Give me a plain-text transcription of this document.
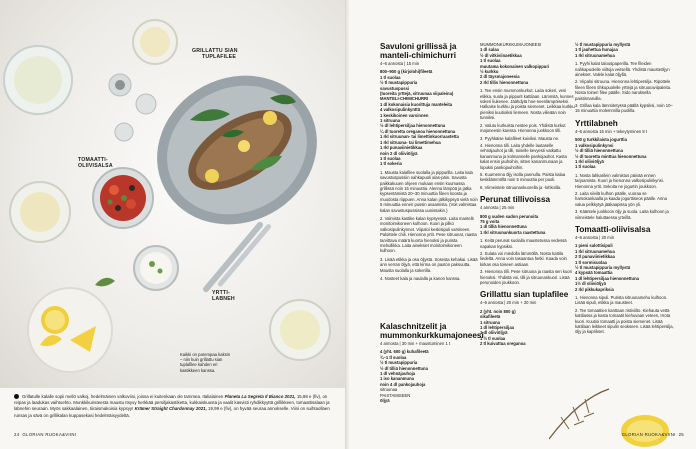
GRILLATTU SIAN
TUPLAFILEE
TOMAATTI-
OLIIVISALSA
YRTTI-
LABNEH
Kaikki on parempaa kaksin
– niin kuin grillattu sian
tuplafilee kahden eri
kastikkeen kanssa.
Grillatulle kalalle sopii mellö valkoj, hedelmäinen valkoviini, joissa ei kuitenkaan ole tammea. Italialainen Planeta La Segreta Il Bianco 2021, 15,98 e (fiv), on reipas ja laadukas vaihtoehto. Munkkikuristeesta maustu Itsyvy herkkää persiljakastiketta, kukkaiskuusta ja vaalit kasvisti ryhdikkyyttä grillikkeen, tomaattisalaan ja labnehin seuraan. Myös sakkaalainen, tiiraismakoisia kypsyy! Krämer Straight Chardonnay 2021, 19,99 e (fiv), on hyvää seuraa annokselle. Viini on suihtaollaen runsas ja sävä on grillikalan kuppasekasi hedelmäisyydeltä.
24 GLORIAN RUOKA&VIINI
Savuloni grillissä ja
manteli-chimichurri
4–6 annosta | 15 min
800–900 g (kirjolohi)fileetä
1 tl suolaa
½ tl mustapippuria
savustuspussi
(tuoreita yrttejä, sitruunaa viipaleina)
MANTELI-CHIMICHURRI
1 dl kokonaisia kuorittuja manteleita
4 valkosipulinkynttä
1 keskikoinen varsinnen
1 sitruuna
½ dl lehtipersiljaa hienonnettuna
¼ dl tuoretta oreganoa hienonnettuna
1 rkl sitruunan- tai limettinkuorraastetta
1 rkl sitruuna- tai limettimehua
1 rkl punaviinietikkaa
noin 2 dl oliiviöljyä
1 tl suolaa
1 tl sokeria

1. Mausta kalafilee suolalla ja pippurilla. Laita kala savustuspussiin nahkapuoli alas-päin. Savusta paikkakuuen ohjeen mukaan ensin kuumassa grillissä noin 15 minuuttia. Alenna lämpöä ja jatka kypsentämistä 20–30 minuuttia fileen koosta ja muodosta riippuen. Anna kalan jälkikypsyä vielä noin 5 minuuttia ennen pussin avaamista. (Voit valmistaa kalan savustuspussissa uunissakin.)

2. Valmista kastike kalan kypsyessä. Laita mantelit monitoimikoneen kulhoon. Kuori ja pilko valkosipulinkynnet. Viipaloi keskisipuli varsineen. Paloittele chili. Hienonna yrtit. Pese sitruunat, raasta tarvittava määrä kuorta hienoksi ja purista mehullikka. Laita aineksiet monitoimikoneen kulhoon.

3. Lisää etikka ja osa öljystä. Sosesta kehakai. Lisää ann verran öljyä, että kirma on paxton paksuutta. Mausta suolalla ja sokerilla.

4. Nosteet kala ja naulalla ja kanon kanssa.

MUMMONKURKKUMAJONEESI
1 dl salaa
½ dl vitkiviinaetikkaa
1 tl suolaa
muutama kokonainen valkopippuri
½ kurkku
2 dl täysmajoneesia
2 rkl tillis hienonnettuna

1. Tee ensin mummonkurkut. Laita sokeri, vesi etikka, suola ja pippurit kattilaan. Lämmitä, kunnes sokeri liukenee. Jäähdytä hoe-neenlämpöiseksi. Halkaise kurkku ja poista siemenet. Leikkaa kurkku pieniksi kuutioiksi liemeen. Nosta viileään noin tunniksi.

2. Valutu kurkuista nestee pois. Yhdistä kurkut majoneesin kanssa. Hienonna juokkoon tilli.

3. Pyyhkäise kalafileet kuiviksi. Mausta ne.

4. Hienonna tilli. Laita yhdelle lautaselle vehnäjauhot ja tilli, toiselle kevyesti vatkattu kananmuna ja kolmannelle pankojauhot. Kasta kalat ensin jauhoihin, sitten kananmunaan ja lopuksi pankojauhoihin.

5. Kuumenna öljy isolla pannulla. Paista kalaa keskilämmöllä noin 5 minuuttia per puoli.

6. Viimeistele sitruunankuorella ja -lohkoilla.

Perunat tillivoissa
4 annosta | 25 min
800 g uuden sadon perunoita
75 g voita
1 dl tilliä hienonnettuna
1 rkl sitruunankuorta raastettuna

1. Keitä perunat suolalla maustetussa vedessä napakan kypsiksi.

2. Sulata voi miedolla lämmöllä. Nosta kattila liedeltä. Anna voin tasaantua hetki. Kaada voin kirkas osa toiseen astiaan.

3. Hienonna tilli. Pese sitruuna ja raasta sen kuori hienoksi. Yhdistä voi, tilli ja sitruunankuori. Lisää perunoiden joukkoon.

Grillattu sian tuplafilee
4–6 annosta | 20 min + 30 min
2 (yht. noin 800 g)
sikafileetä
1 sitruuna
1 dl lehtipersiljaa
1 dl oliiviöljyä
1 ½ tl suolaa
2 tl kuivattua oreganoa
Kalaschnitzelit ja
mummonkurkkumajoneesi
4 annosta | 30 min + maustuminen 1 t
4 (yht. 600 g) kuhafileetä
¾–1 tl suolaa
½ tl mustapippuria
½ dl tilliä hienonnettuna
1 dl vehnäjauhoja
1 iso kananmuna
noin 4 dl pankojauhoja
sitruunaa
PAISTAMISEEN
öljyä
½ tl mustapippuria myllystä
1 tl jauhettua hunajaa
1 rkl sitruunamehua

1. Pyyhi kalat talouspaperilla. Tee fileiden nahkapuolelle viiltoja veitsellä. Yhdistä mausteöljyn ainekset. Valele kalat öljyllä.

2. Viipaloi sitruuna. Hienonna lehtipersilja. Ripottele fileen fileen tihkupuolelle yrttejä ja sitruunaviipaleita. Nosta toinen filee päälle. Sido naruksella paistinnaruilla.

3. Grillaa kala lämmitetyssä päällä kypsiksi, noin 10–15 minuuttia molemmilla puolilla.

Yrttilabneh
4–6 annosta 15 min + tekeytyminen 8 t
500 g turkkilaista jogurttia
1 valkosipulinkynsi
½ dl tilliä hienonnettuna
½ dl tuoretta minttua hienonnettuna
1 rkl oliiviöljyä
1 tl suolaa

1. Nosta lahkarilein valmistus päivää ennen tarjoamista. Kuori ja hienonna valkosipulinkynsi. Hienonna yrtit. Sekoita ne jogurtin joukkoon.

2. Laita siivilä kulhon päälle, vuoraa se harsokankaalla ja kaada jogurttiseos päälle. Anna valua pelkkytyä jääkaapissa yön yli.

3. Kääntele juokkoon öljy ja suola. Laita kulhoon ja viimeistele haluttaessa yrteillä.

Tomaatti-oliivisalsa
4–6 annosta | 20 min
1 pieni salottisipuli
1 rkl sitruunamehua
2 tl punaviinietikkaa
1 tl sormisuolaa
½ tl mustapippuria myllystä
4 kypsää tomaattia
1 dl lehtipersiljaa hienonnettuna
1½ dl oliiviöljyä
2 rkl pikkukapriksia

1. Hienonna sipuli. Purista sitruunamehu kulhoon. Lisää sipuli, etikka ja mausteet.

2. Tee tomaattien kanttaan ristiviilto. Kiehauta vettä kattilassa ja kasta tomaatit kiehuvaan veteen, Irrota kuori. Kuutioi tomaatti ja poista siemenet. Lisää kattilaan leikkeet sipulin seokseen. Lisää lehtipersilja, öljy ja kaprikset.

GLORIAN RUOKA&VIINI 25
